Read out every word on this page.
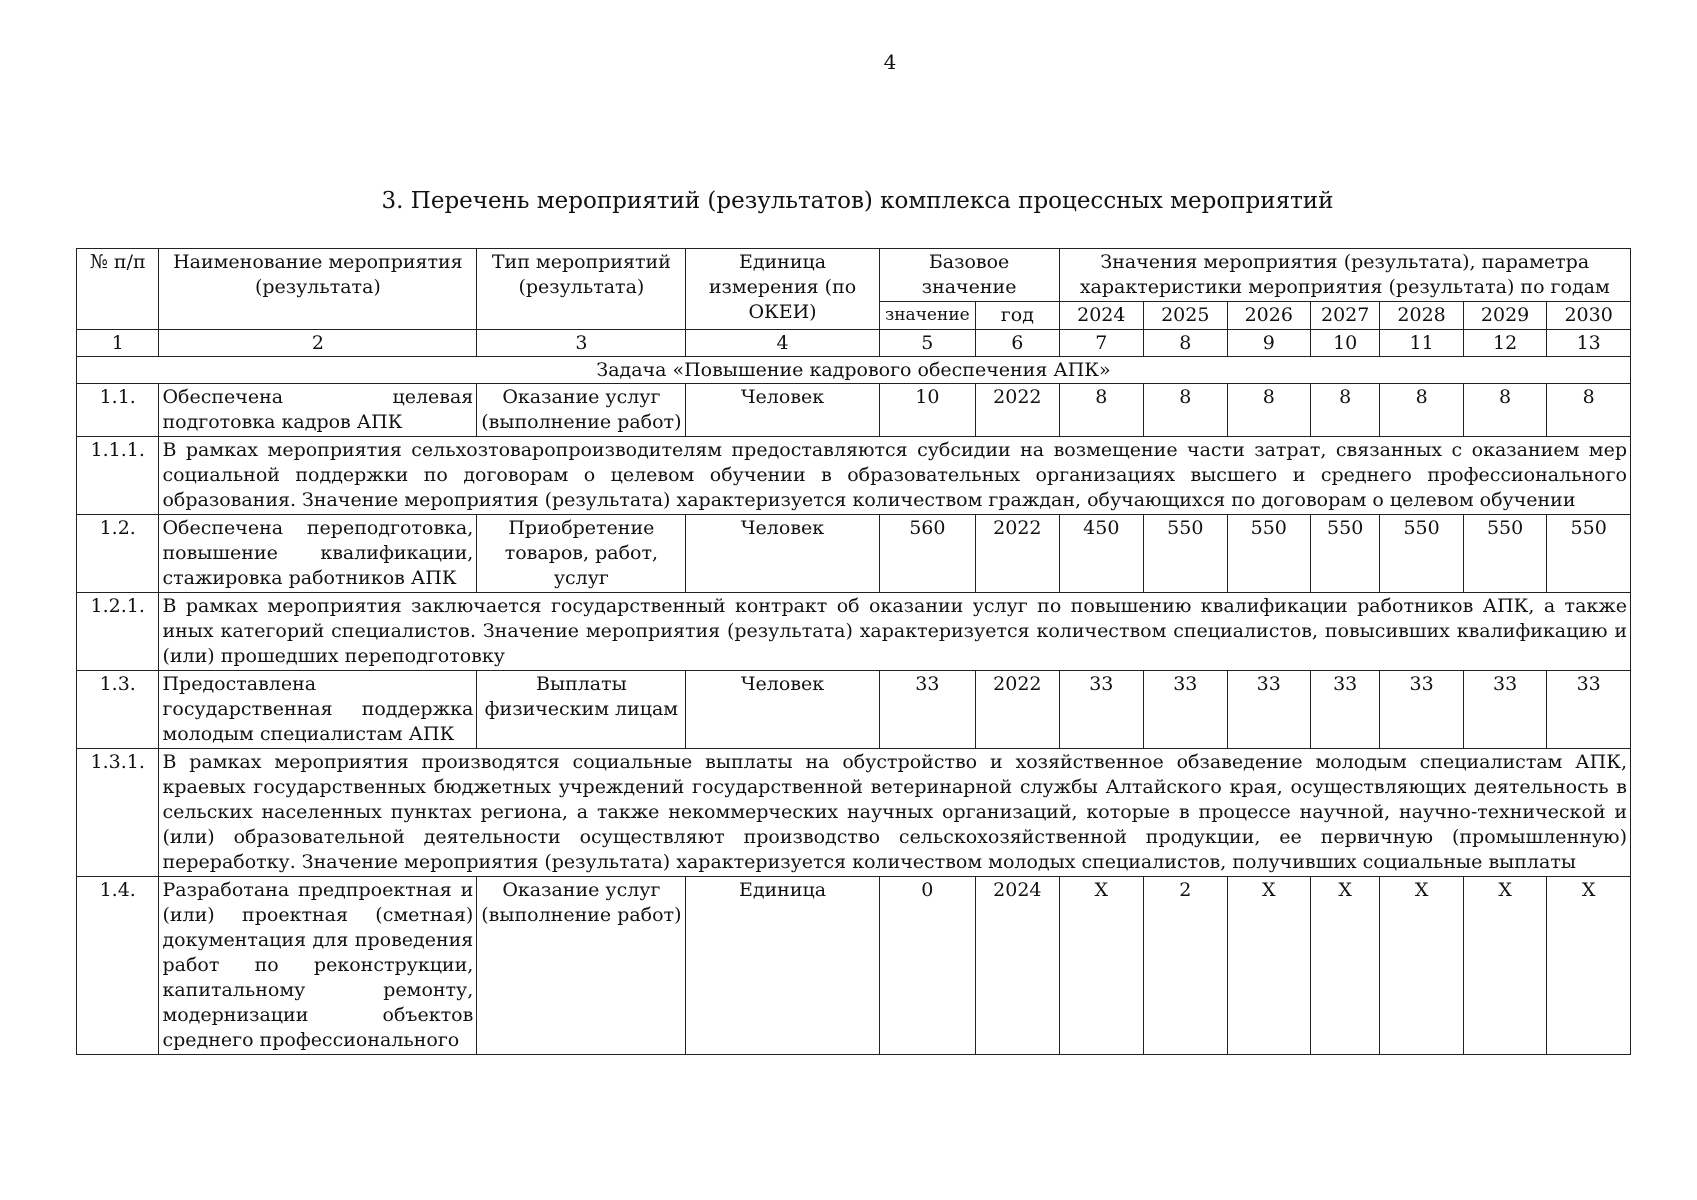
4
3. Перечень мероприятий (результатов) комплекса процессных мероприятий
№ п/п	Наименование мероприятия (результата)	Тип мероприятий (результата)	Единица измерения (по ОКЕИ)	Базовое значение		Значения мероприятия (результата), параметра характеристики мероприятия (результата) по годам						

				значение	год	2024	2025	2026	2027	2028	2029	2030
1	2	3	4	5	6	7	8	9	10	11	12	13
Задача «Повышение кадрового обеспечения АПК»												
1.1.	Обеспечена целевая подготовка кадров АПК	Оказание услуг (выполнение работ)	Человек	10	2022	8	8	8	8	8	8	8
1.1.1.	В рамках мероприятия сельхозтоваропроизводителям предоставляются субсидии на возмещение части затрат, связанных с оказанием мер социальной поддержки по договорам о целевом обучении в образовательных организациях высшего и среднего профессионального образования. Значение мероприятия (результата) характеризуется количеством граждан, обучающихся по договорам о целевом обучении											
1.2.	Обеспечена переподготовка, повышение квалификации, стажировка работников АПК	Приобретение товаров, работ, услуг	Человек	560	2022	450	550	550	550	550	550	550
1.2.1.	В рамках мероприятия заключается государственный контракт об оказании услуг по повышению квалификации работников АПК, а также иных категорий специалистов. Значение мероприятия (результата) характеризуется количеством специалистов, повысивших квалификацию и (или) прошедших переподготовку											
1.3.	Предоставлена государственная поддержка молодым специалистам АПК	Выплаты физическим лицам	Человек	33	2022	33	33	33	33	33	33	33
1.3.1.	В рамках мероприятия производятся социальные выплаты на обустройство и хозяйственное обзаведение молодым специалистам АПК, краевых государственных бюджетных учреждений государственной ветеринарной службы Алтайского края, осуществляющих деятельность в сельских населенных пунктах региона, а также некоммерческих научных организаций, которые в процессе научной, научно-технической и (или) образовательной деятельности осуществляют производство сельскохозяйственной продукции, ее первичную (промышленную) переработку. Значение мероприятия (результата) характеризуется количеством молодых специалистов, получивших социальные выплаты											
1.4.	Разработана предпроектная и (или) проектная (сметная) документация для проведения работ по реконструкции, капитальному ремонту, модернизации объектов среднего профессионального	Оказание услуг (выполнение работ)	Единица	0	2024	X	2	X	X	X	X	X
